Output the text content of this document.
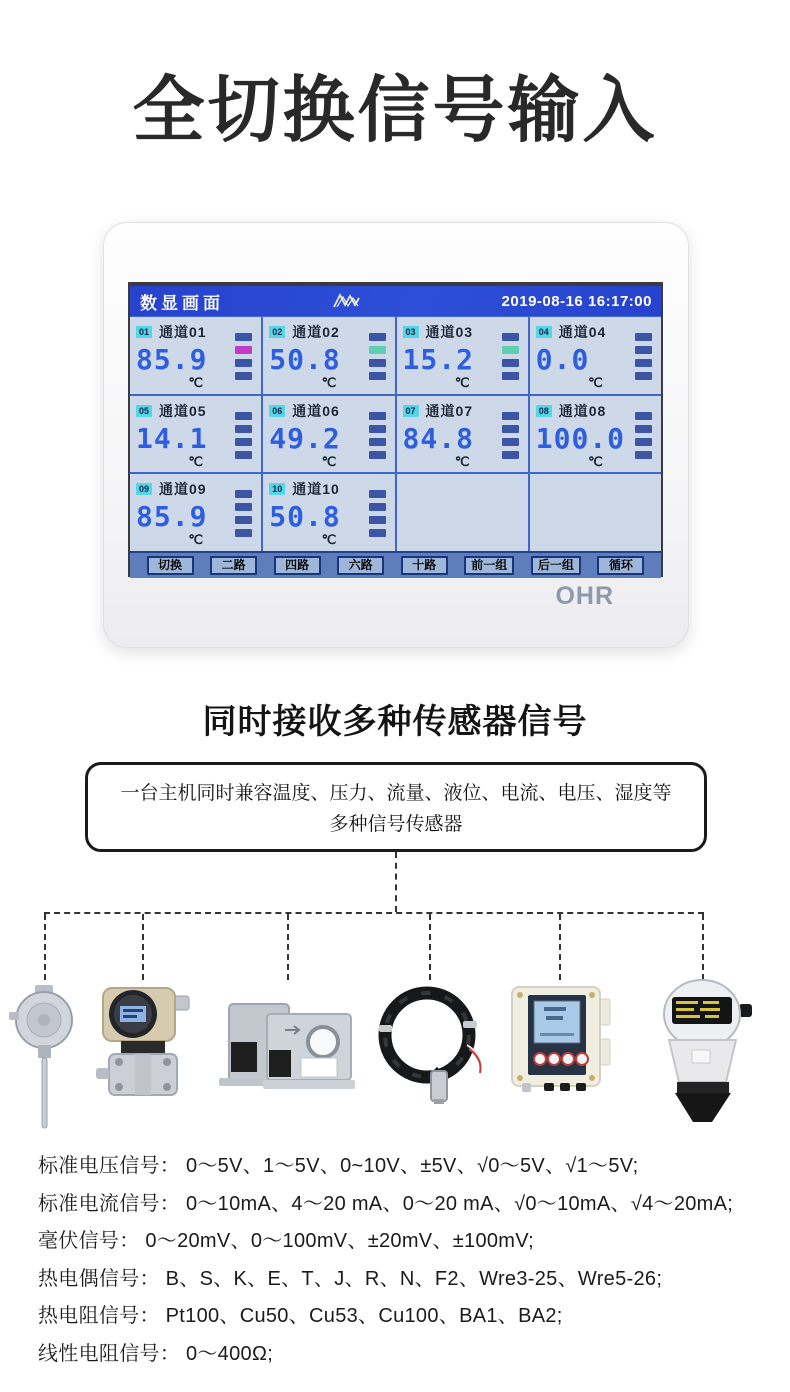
全切换信号输入
数显画面	2019-08-16 16:17:00
01 通道01
85.9
℃
02 通道02
50.8
℃
03 通道03
15.2
℃
04 通道04
0.0
℃
05 通道05
14.1
℃
06 通道06
49.2
℃
07 通道07
84.8
℃
08 通道08
100.0
℃
09 通道09
85.9
℃
10 通道10
50.8
℃
切换	二路	四路	六路	十路	前一组	后一组	循环
OHR
同时接收多种传感器信号
一台主机同时兼容温度、压力、流量、液位、电流、电压、湿度等
多种信号传感器
标准电压信号： 0～5V、1～5V、0~10V、±5V、√0～5V、√1～5V;
标准电流信号： 0～10mA、4～20 mA、0～20 mA、√0～10mA、√4～20mA;
毫伏信号： 0～20mV、0～100mV、±20mV、±100mV;
热电偶信号： B、S、K、E、T、J、R、N、F2、Wre3-25、Wre5-26;
热电阻信号： Pt100、Cu50、Cu53、Cu100、BA1、BA2;
线性电阻信号： 0～400Ω;
